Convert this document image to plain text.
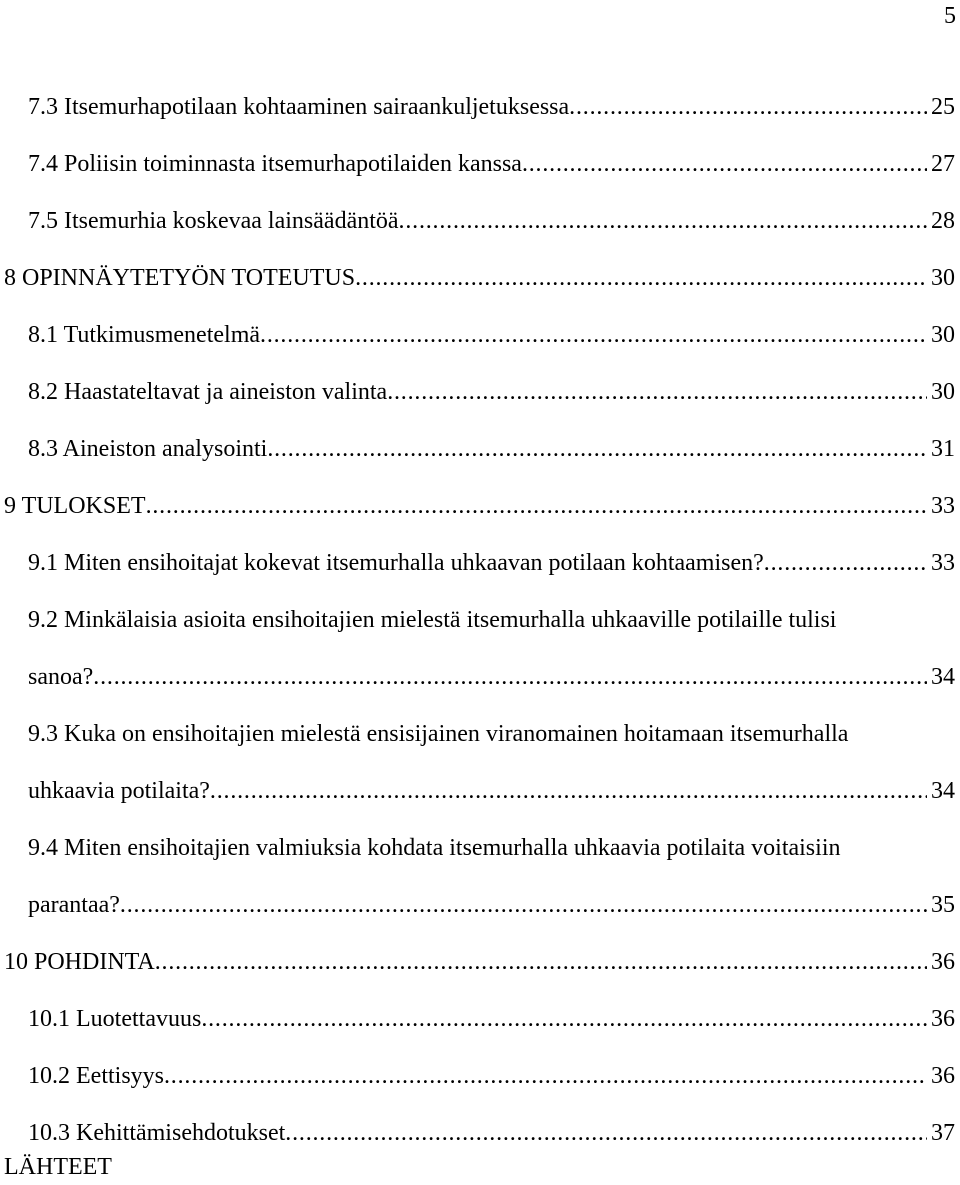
5
7.3 Itsemurhapotilaan kohtaaminen sairaankuljetuksessa . . .	25
7.4 Poliisin toiminnasta itsemurhapotilaiden kanssa . . .	27
7.5 Itsemurhia koskevaa lainsäädäntöä . . .	28
8 OPINNÄYTETYÖN TOTEUTUS . . .	30
8.1 Tutkimusmenetelmä . . .	30
8.2 Haastateltavat ja aineiston valinta . . .	30
8.3 Aineiston analysointi . . .	31
9 TULOKSET . . .	33
9.1 Miten ensihoitajat kokevat itsemurhalla uhkaavan potilaan kohtaamisen? . . .	33
9.2 Minkälaisia asioita ensihoitajien mielestä itsemurhalla uhkaaville potilaille tulisi
sanoa? . . .	34
9.3 Kuka on ensihoitajien mielestä ensisijainen viranomainen hoitamaan itsemurhalla
uhkaavia potilaita? . . .	34
9.4 Miten ensihoitajien valmiuksia kohdata itsemurhalla uhkaavia potilaita voitaisiin
parantaa? . . .	35
10 POHDINTA . . .	36
10.1 Luotettavuus . . .	36
10.2 Eettisyys . . .	36
10.3 Kehittämisehdotukset . . .	37
LÄHTEET
